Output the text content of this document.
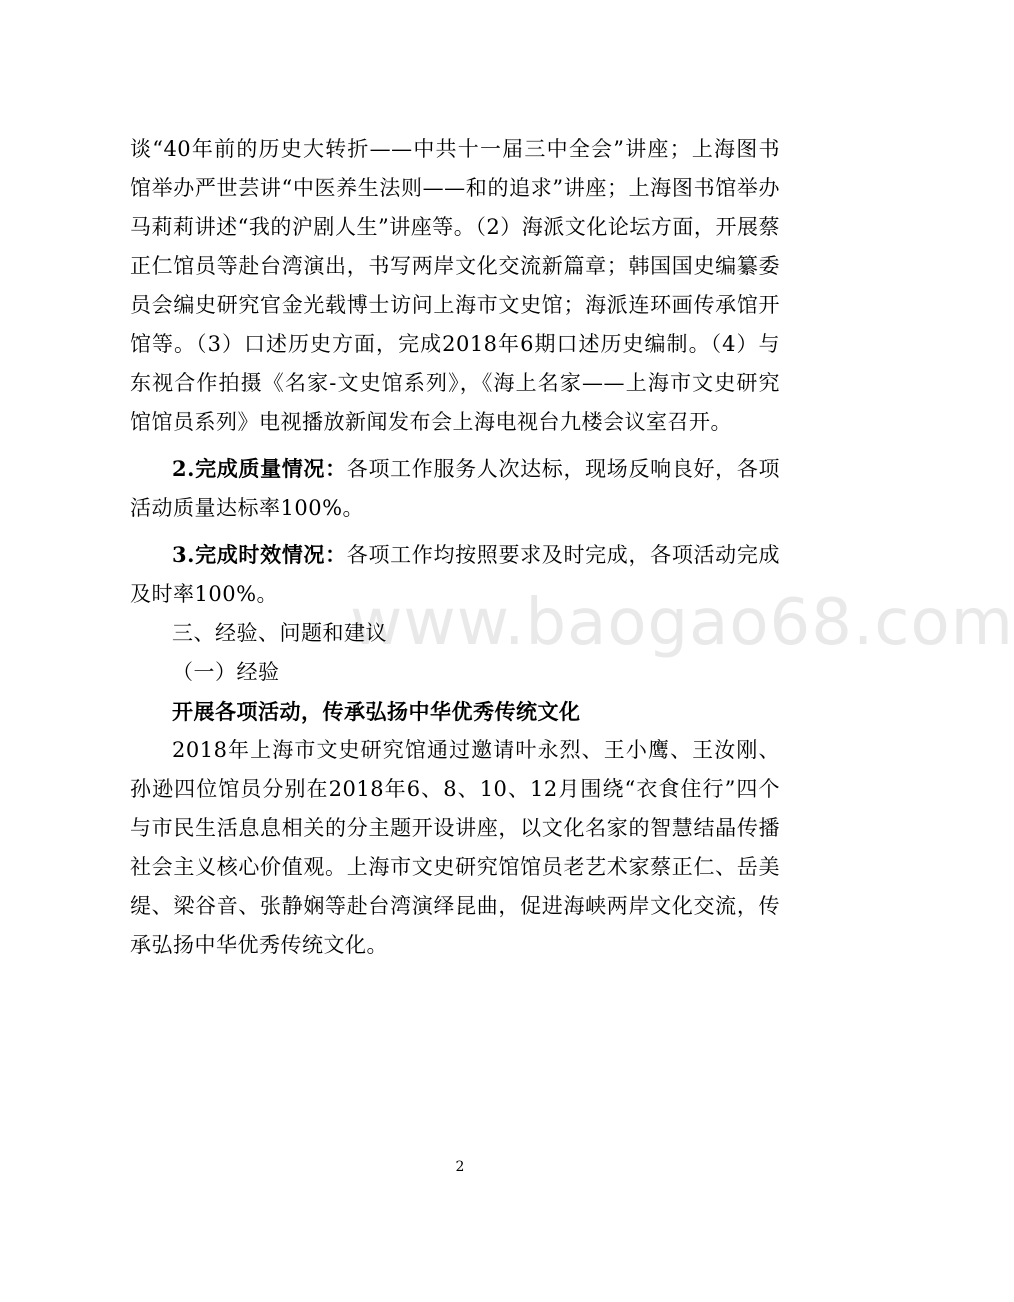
www.baogao68.com

谈“40年前的历史大转折——中共十一届三中全会”讲座；上海图书馆举办严世芸讲“中医养生法则——和的追求”讲座；上海图书馆举办马莉莉讲述“我的沪剧人生”讲座等。（2）海派文化论坛方面，开展蔡正仁馆员等赴台湾演出，书写两岸文化交流新篇章；韩国国史编纂委员会编史研究官金光载博士访问上海市文史馆；海派连环画传承馆开馆等。（3）口述历史方面，完成2018年6期口述历史编制。（4）与东视合作拍摄《名家-文史馆系列》，《海上名家——上海市文史研究馆馆员系列》电视播放新闻发布会上海电视台九楼会议室召开。

2.完成质量情况：各项工作服务人次达标，现场反响良好，各项活动质量达标率100%。

3.完成时效情况：各项工作均按照要求及时完成，各项活动完成及时率100%。

三、经验、问题和建议

（一）经验

开展各项活动，传承弘扬中华优秀传统文化

2018年上海市文史研究馆通过邀请叶永烈、王小鹰、王汝刚、孙逊四位馆员分别在2018年6、8、10、12月围绕“衣食住行”四个与市民生活息息相关的分主题开设讲座，以文化名家的智慧结晶传播社会主义核心价值观。上海市文史研究馆馆员老艺术家蔡正仁、岳美缇、梁谷音、张静娴等赴台湾演绎昆曲，促进海峡两岸文化交流，传承弘扬中华优秀传统文化。

2
